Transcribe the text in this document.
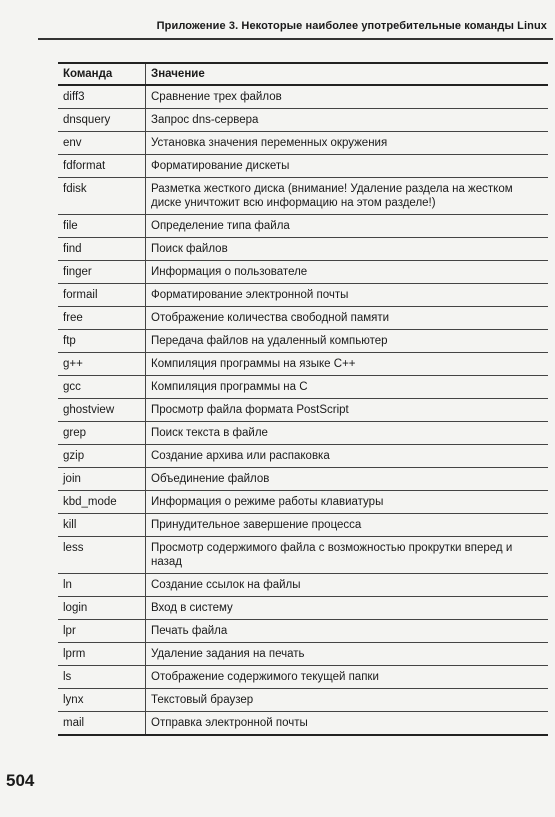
Приложение 3. Некоторые наиболее употребительные команды Linux
Команда	Значение
diff3	Сравнение трех файлов
dnsquery	Запрос dns-сервера
env	Установка значения переменных окружения
fdformat	Форматирование дискеты
fdisk	Разметка жесткого диска (внимание! Удаление раздела на жестком диске уничтожит всю информацию на этом разделе!)
file	Определение типа файла
find	Поиск файлов
finger	Информация о пользователе
formail	Форматирование электронной почты
free	Отображение количества свободной памяти
ftp	Передача файлов на удаленный компьютер
g++	Компиляция программы на языке C++
gcc	Компиляция программы на C
ghostview	Просмотр файла формата PostScript
grep	Поиск текста в файле
gzip	Создание архива или распаковка
join	Объединение файлов
kbd_mode	Информация о режиме работы клавиатуры
kill	Принудительное завершение процесса
less	Просмотр содержимого файла с возможностью прокрутки вперед и назад
ln	Создание ссылок на файлы
login	Вход в систему
lpr	Печать файла
lprm	Удаление задания на печать
ls	Отображение содержимого текущей папки
lynx	Текстовый браузер
mail	Отправка электронной почты
504
